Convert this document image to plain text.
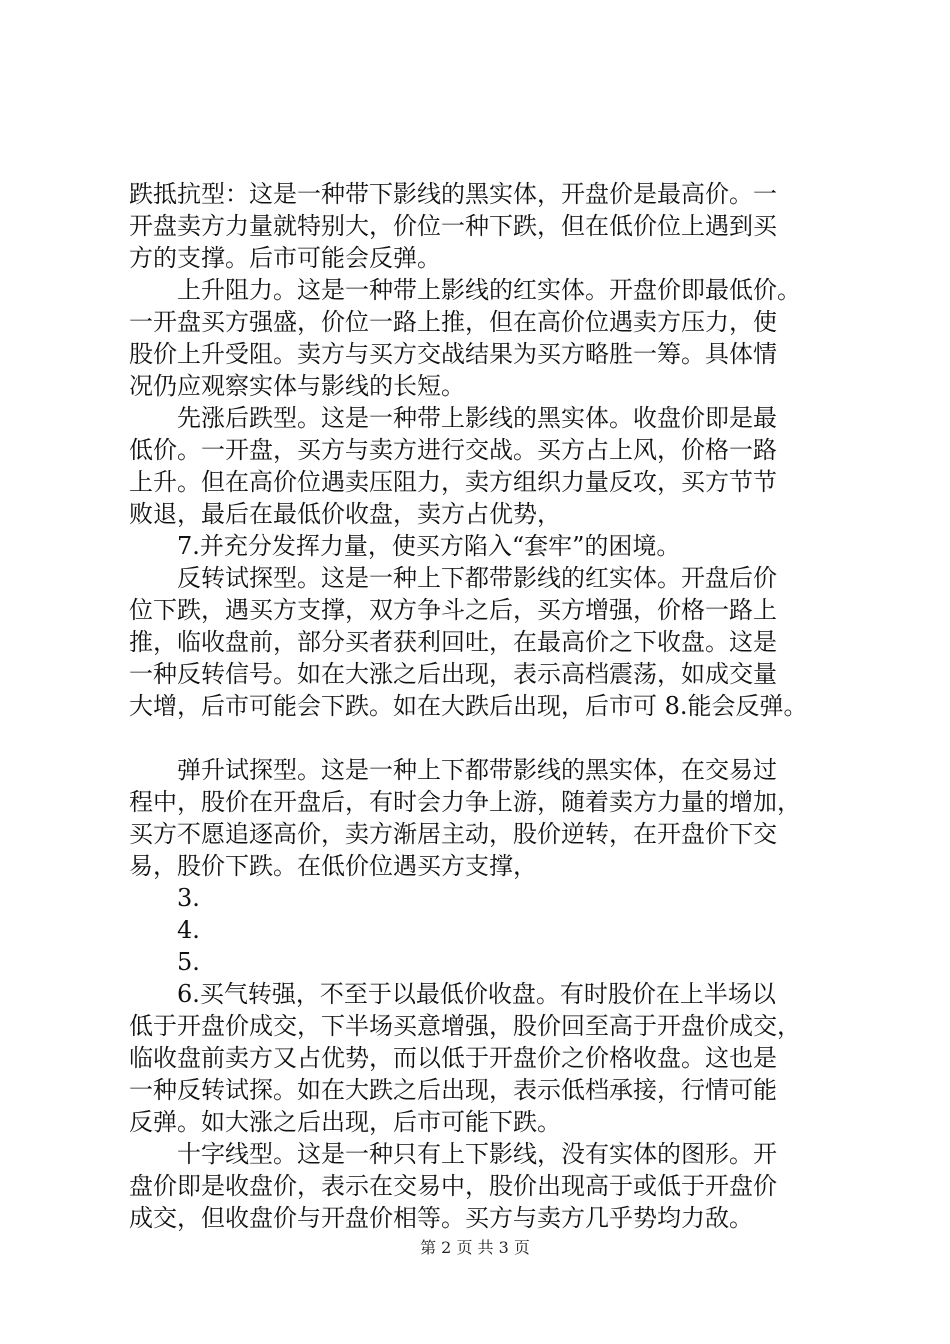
跌抵抗型：这是一种带下影线的黑实体，开盘价是最高价。一
开盘卖方力量就特别大，价位一种下跌，但在低价位上遇到买
方的支撑。后市可能会反弹。
上升阻力。这是一种带上影线的红实体。开盘价即最低价。
一开盘买方强盛，价位一路上推，但在高价位遇卖方压力，使
股价上升受阻。卖方与买方交战结果为买方略胜一筹。具体情
况仍应观察实体与影线的长短。
先涨后跌型。这是一种带上影线的黑实体。收盘价即是最
低价。一开盘，买方与卖方进行交战。买方占上风，价格一路
上升。但在高价位遇卖压阻力，卖方组织力量反攻，买方节节
败退，最后在最低价收盘，卖方占优势，
7.并充分发挥力量，使买方陷入“套牢”的困境。
反转试探型。这是一种上下都带影线的红实体。开盘后价
位下跌，遇买方支撑，双方争斗之后，买方增强，价格一路上
推，临收盘前，部分买者获利回吐，在最高价之下收盘。这是
一种反转信号。如在大涨之后出现，表示高档震荡，如成交量
大增，后市可能会下跌。如在大跌后出现，后市可 8.能会反弹。
弹升试探型。这是一种上下都带影线的黑实体，在交易过
程中，股价在开盘后，有时会力争上游，随着卖方力量的增加，
买方不愿追逐高价，卖方渐居主动，股价逆转，在开盘价下交
易，股价下跌。在低价位遇买方支撑，
3.
4.
5.
6.买气转强，不至于以最低价收盘。有时股价在上半场以
低于开盘价成交，下半场买意增强，股价回至高于开盘价成交，
临收盘前卖方又占优势，而以低于开盘价之价格收盘。这也是
一种反转试探。如在大跌之后出现，表示低档承接，行情可能
反弹。如大涨之后出现，后市可能下跌。
十字线型。这是一种只有上下影线，没有实体的图形。开
盘价即是收盘价，表示在交易中，股价出现高于或低于开盘价
成交，但收盘价与开盘价相等。买方与卖方几乎势均力敌。
第 2 页 共 3 页
